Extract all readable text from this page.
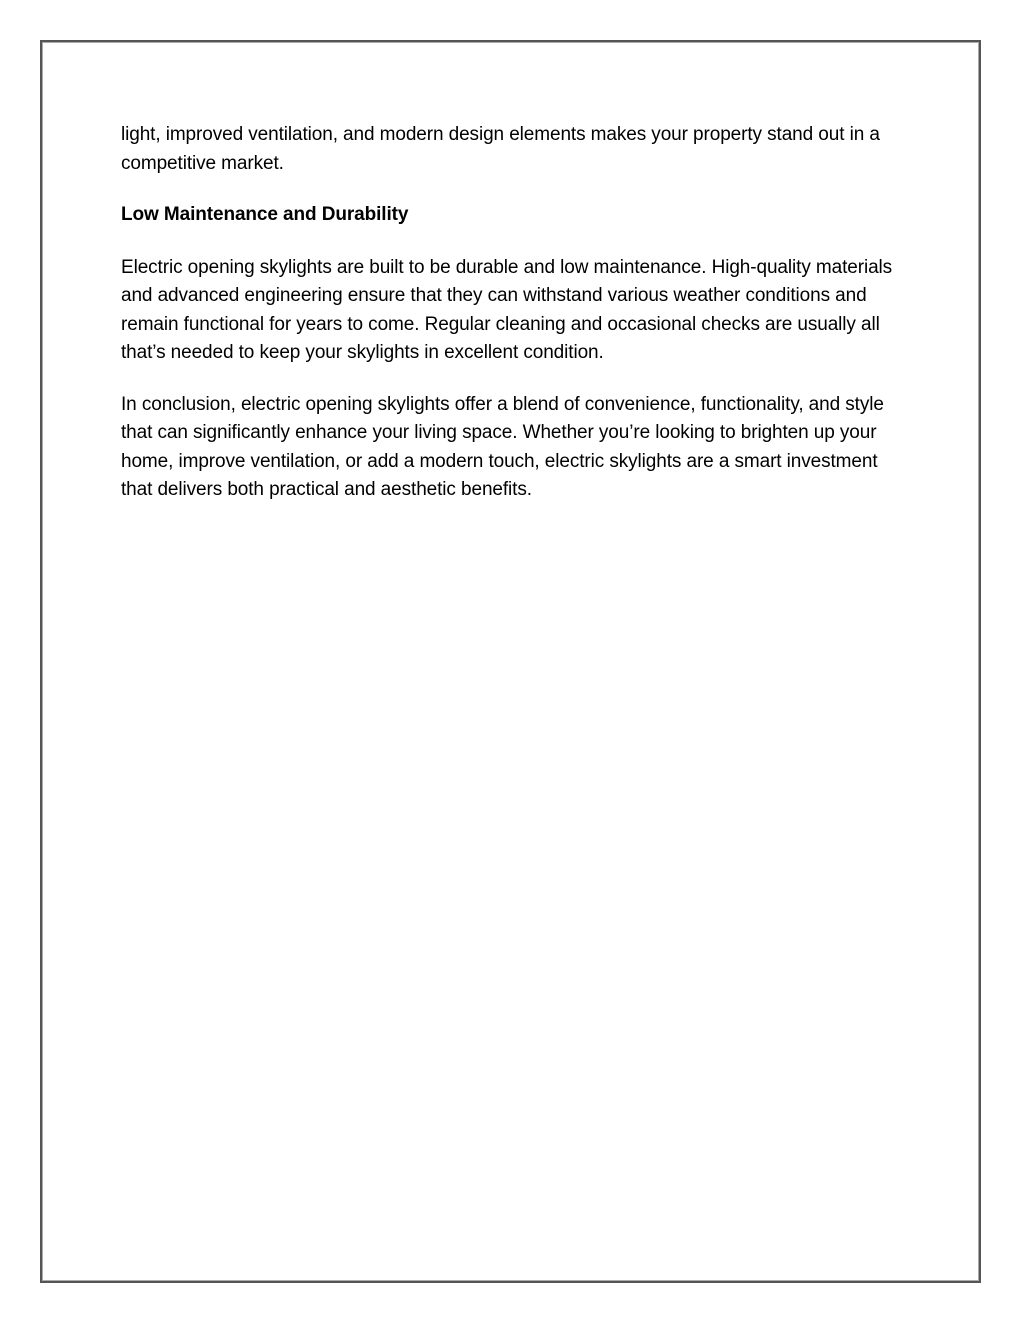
light, improved ventilation, and modern design elements makes your property stand out in a competitive market.

Low Maintenance and Durability

Electric opening skylights are built to be durable and low maintenance. High-quality materials and advanced engineering ensure that they can withstand various weather conditions and remain functional for years to come. Regular cleaning and occasional checks are usually all that’s needed to keep your skylights in excellent condition.

In conclusion, electric opening skylights offer a blend of convenience, functionality, and style that can significantly enhance your living space. Whether you’re looking to brighten up your home, improve ventilation, or add a modern touch, electric skylights are a smart investment that delivers both practical and aesthetic benefits.
